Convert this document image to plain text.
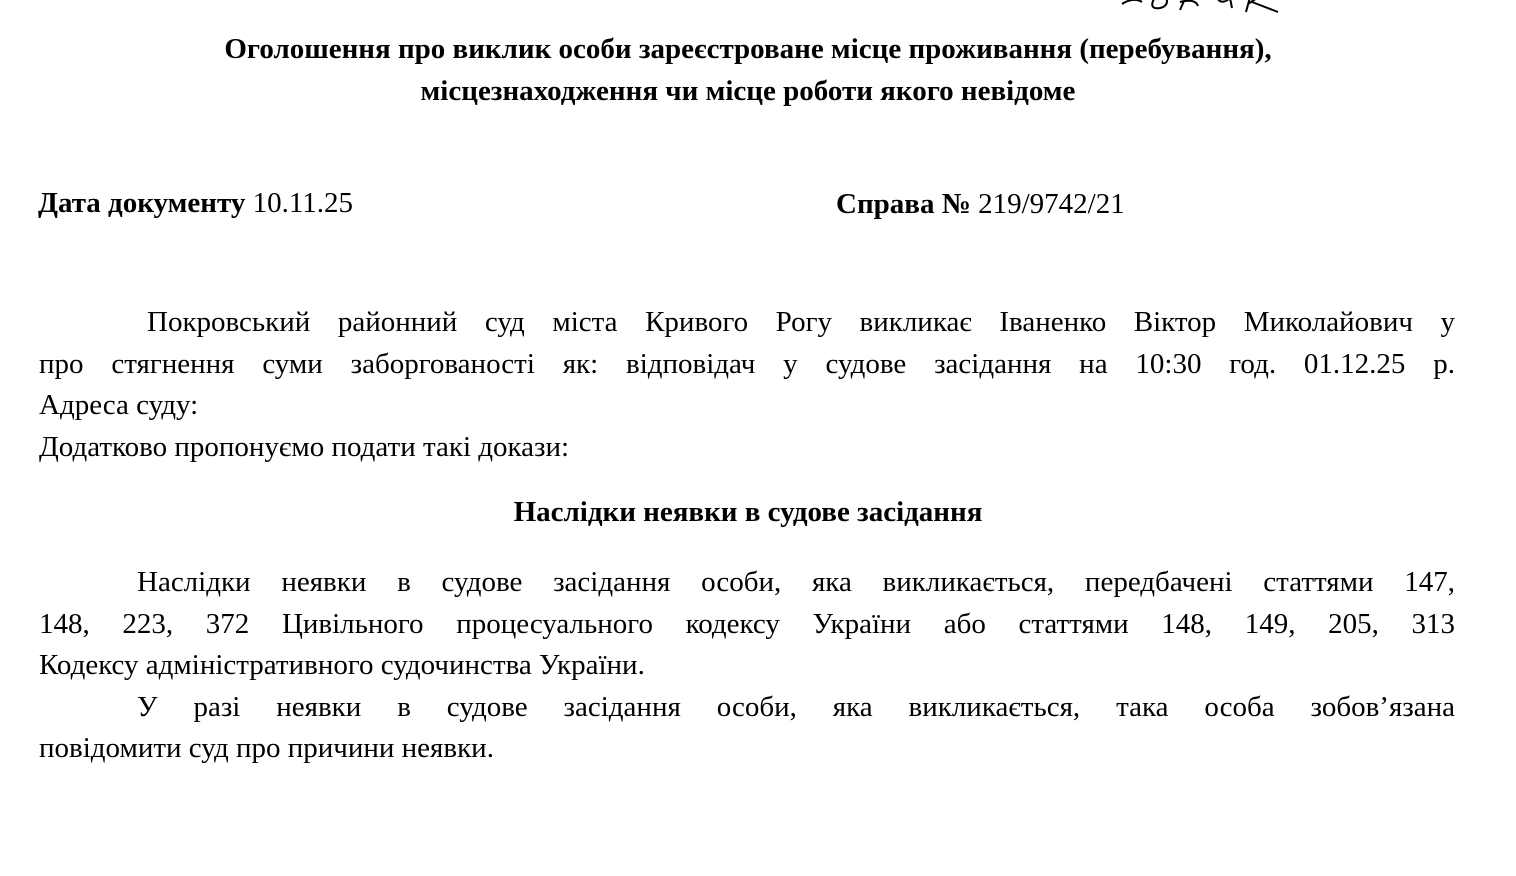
Оголошення про виклик особи зареєстроване місце проживання (перебування),
місцезнаходження чи місце роботи якого невідоме
Дата документу 10.11.25	Справа № 219/9742/21
Покровський районний суд міста Кривого Рогу викликає Іваненко Віктор Миколайович у
про стягнення суми заборгованості як: відповідач у судове засідання на 10:30 год. 01.12.25 р.
Адреса суду:
Додатково пропонуємо подати такі докази:
Наслідки неявки в судове засідання
Наслідки неявки в судове засідання особи, яка викликається, передбачені статтями 147,
148, 223, 372 Цивільного процесуального кодексу України або статтями 148, 149, 205, 313
Кодексу адміністративного судочинства України.
У разі неявки в судове засідання особи, яка викликається, така особа зобов’язана
повідомити суд про причини неявки.
